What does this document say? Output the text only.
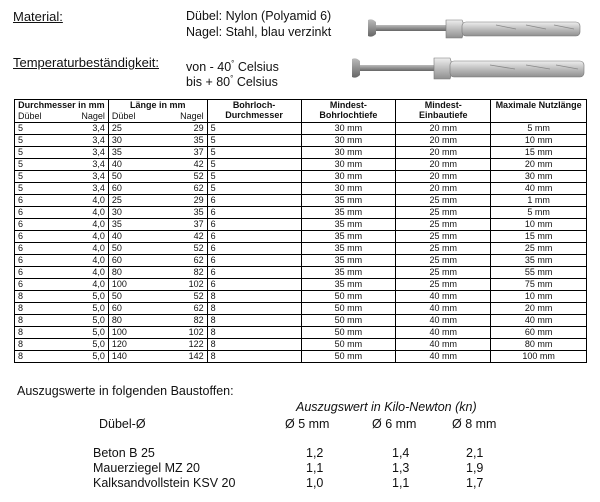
Material:	Dübel: Nylon (Polyamid 6)
Nagel: Stahl, blau verzinkt
Temperaturbeständigkeit: von - 40° Celsius
bis + 80° Celsius
Durchmesser in mm		Länge in mm		Bohrloch- Durchmesser	Mindest- Bohrlochtiefe	Mindest- Einbautiefe	Maximale Nutzlänge
Dübel	Nagel	Dübel	Nagel				
5	3,4	25	29	5	30 mm	20 mm	5 mm
5	3,4	30	35	5	30 mm	20 mm	10 mm
5	3,4	35	37	5	30 mm	20 mm	15 mm
5	3,4	40	42	5	30 mm	20 mm	20 mm
5	3,4	50	52	5	30 mm	20 mm	30 mm
5	3,4	60	62	5	30 mm	20 mm	40 mm
6	4,0	25	29	6	35 mm	25 mm	1 mm
6	4,0	30	35	6	35 mm	25 mm	5 mm
6	4,0	35	37	6	35 mm	25 mm	10 mm
6	4,0	40	42	6	35 mm	25 mm	15 mm
6	4,0	50	52	6	35 mm	25 mm	25 mm
6	4,0	60	62	6	35 mm	25 mm	35 mm
6	4,0	80	82	6	35 mm	25 mm	55 mm
6	4,0	100	102	6	35 mm	25 mm	75 mm
8	5,0	50	52	8	50 mm	40 mm	10 mm
8	5,0	60	62	8	50 mm	40 mm	20 mm
8	5,0	80	82	8	50 mm	40 mm	40 mm
8	5,0	100	102	8	50 mm	40 mm	60 mm
8	5,0	120	122	8	50 mm	40 mm	80 mm
8	5,0	140	142	8	50 mm	40 mm	100 mm
Auszugswerte in folgenden Baustoffen:
Auszugswert in Kilo-Newton (kn)
Dübel-Ø	Ø 5 mm	Ø 6 mm	Ø 8 mm
Beton B 25	1,2	1,4	2,1
Mauerziegel MZ 20	1,1	1,3	1,9
Kalksandvollstein KSV 20	1,0	1,1	1,7
